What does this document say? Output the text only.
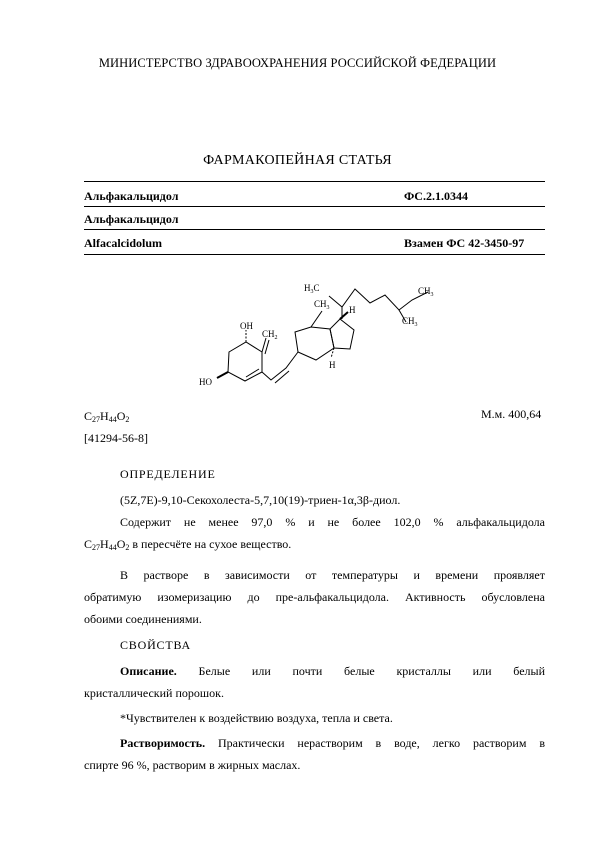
МИНИСТЕРСТВО ЗДРАВООХРАНЕНИЯ РОССИЙСКОЙ ФЕДЕРАЦИИ
ФАРМАКОПЕЙНАЯ СТАТЬЯ
Альфакальцидол	ФС.2.1.0344
Альфакальцидол
Alfacalcidolum	Взамен ФС 42-3450-97
OH
$CH_2$
HO
$H_3C$	$CH_3$
$CH_3$
$CH_3$
H
H
$C_{27}H_{44}O_2$
[41294-56-8]
М.м. 400,64
ОПРЕДЕЛЕНИЕ
(5Z,7E)-9,10-Секохолеста-5,7,10(19)-триен-1α,3β-диол.
Содержит не менее 97,0 % и не более 102,0 % альфакальцидола
$C_{27}H_{44}O_2$ в пересчёте на сухое вещество.
В растворе в зависимости от температуры и времени проявляет
обратимую изомеризацию до пре-альфакальцидола. Активность обусловлена
обоими соединениями.
СВОЙСТВА
Описание. Белые или почти белые кристаллы или белый
кристаллический порошок.
*Чувствителен к воздействию воздуха, тепла и света.
Растворимость. Практически нерастворим в воде, легко растворим в
спирте 96 %, растворим в жирных маслах.
